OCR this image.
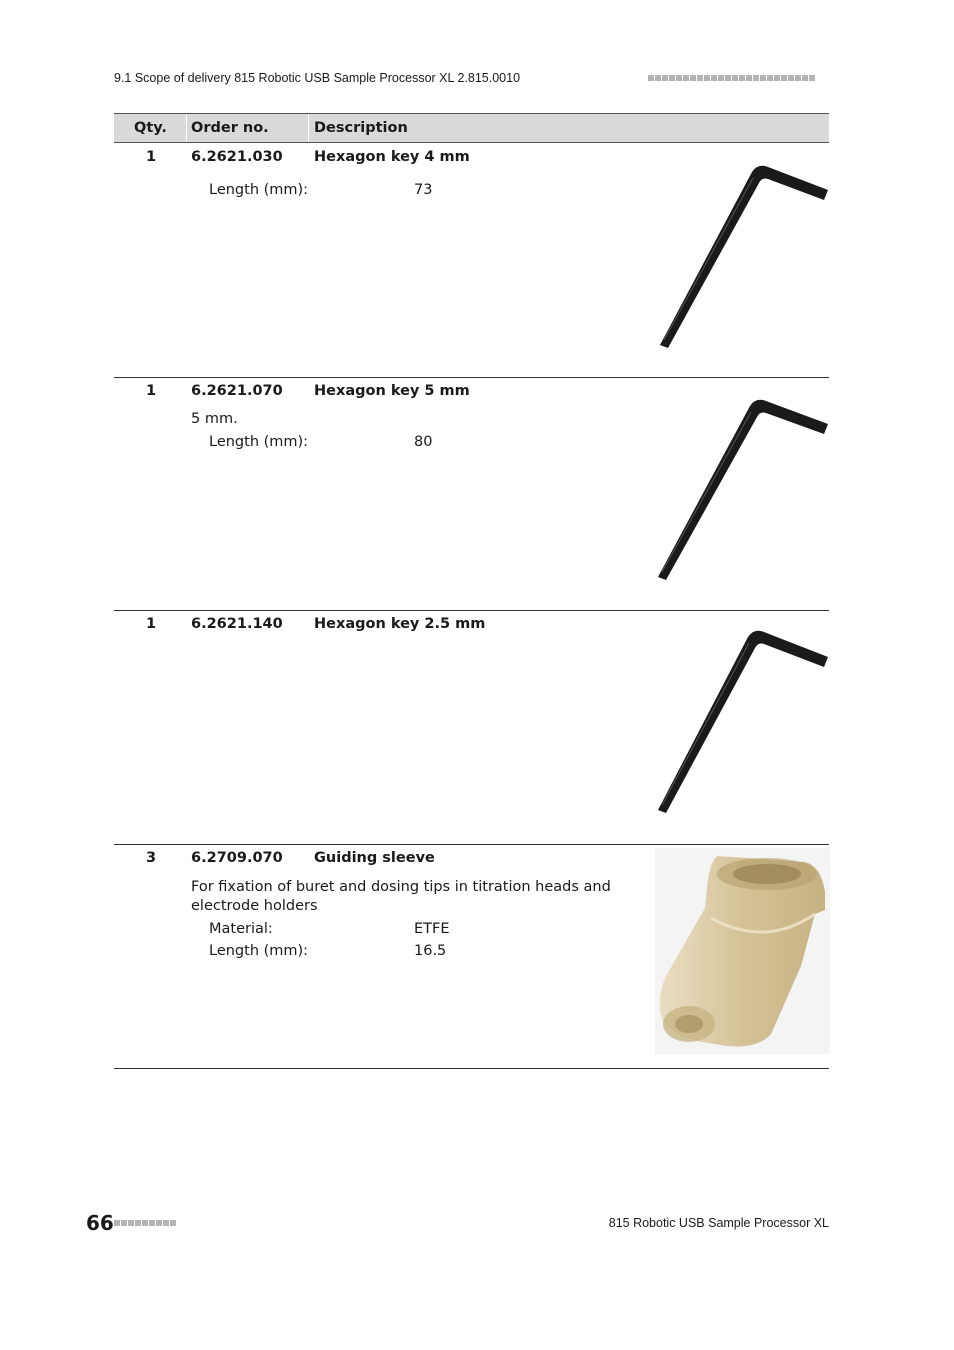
9.1 Scope of delivery 815 Robotic USB Sample Processor XL 2.815.0010
Qty. Order no.	Description
1 6.2621.030 Hexagon key 4 mm
Length (mm):	73
1 6.2621.070 Hexagon key 5 mm
5 mm.
Length (mm):	80
1 6.2621.140 Hexagon key 2.5 mm
3 6.2709.070 Guiding sleeve
For fixation of buret and dosing tips in titration heads and electrode holders
Material:	ETFE
Length (mm):	16.5
66	815 Robotic USB Sample Processor XL
